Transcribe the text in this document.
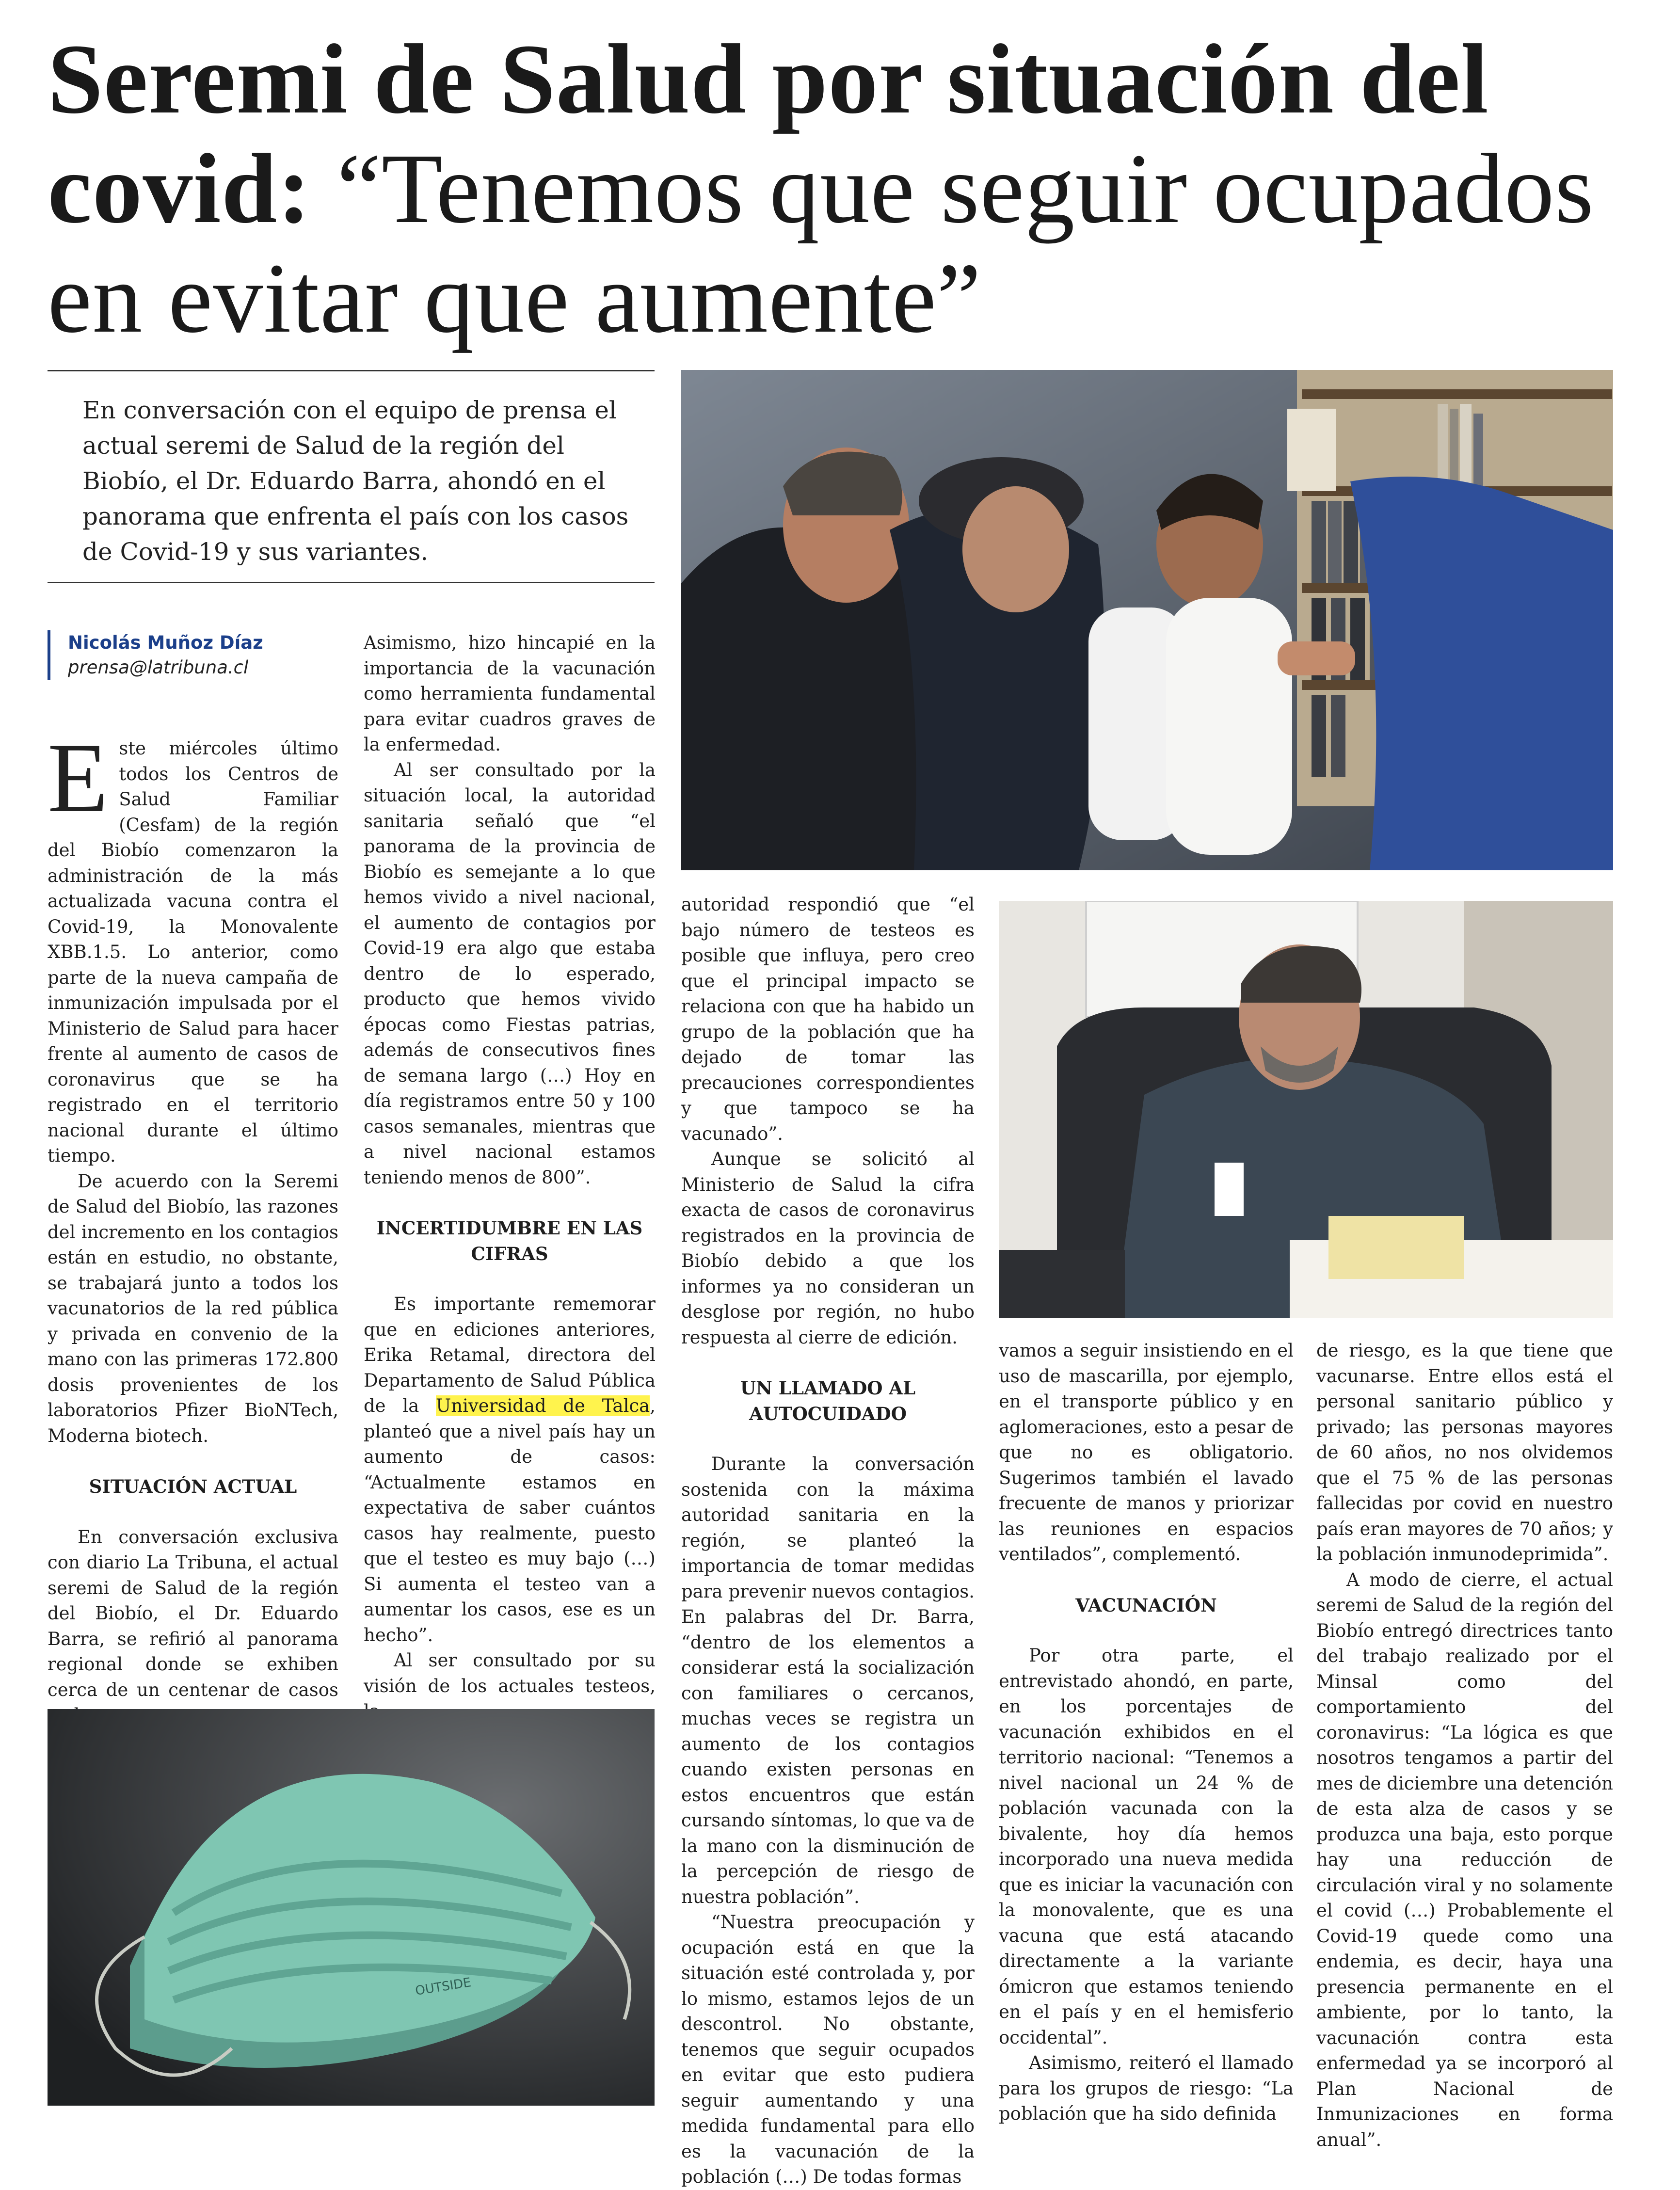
Seremi de Salud por situación del covid: “Tenemos que seguir ocupados en evitar que aumente”

En conversación con el equipo de prensa el actual seremi de Salud de la región del Biobío, el Dr. Eduardo Barra, ahondó en el panorama que enfrenta el país con los casos de Covid-19 y sus variantes.

Nicolás Muñoz Díaz
prensa@latribuna.cl

Este miércoles último todos los Centros de Salud Familiar (Cesfam) de la región del Biobío comenzaron la administración de la más actualizada vacuna contra el Covid-19, la Monovalente XBB.1.5. Lo anterior, como parte de la nueva campaña de inmunización impulsada por el Ministerio de Salud para hacer frente al aumento de casos de coronavirus que se ha registrado en el territorio nacional durante el último tiempo.

De acuerdo con la Seremi de Salud del Biobío, las razones del incremento en los contagios están en estudio, no obstante, se trabajará junto a todos los vacunatorios de la red pública y privada en convenio de la mano con las primeras 172.800 dosis provenientes de los laboratorios Pfizer BioNTech, Moderna biotech.

SITUACIÓN ACTUAL

En conversación exclusiva con diario La Tribuna, el actual seremi de Salud de la región del Biobío, el Dr. Eduardo Barra, se refirió al panorama regional donde se exhiben cerca de un centenar de casos

Asimismo, hizo hincapié en la importancia de la vacunación como herramienta fundamental para evitar cuadros graves de la enfermedad.

Al ser consultado por la situación local, la autoridad sanitaria señaló que “el panorama de la provincia de Biobío es semejante a lo que hemos vivido a nivel nacional, el aumento de contagios por Covid-19 era algo que estaba dentro de lo esperado, producto que hemos vivido épocas como Fiestas patrias, además de consecutivos fines de semana largo (…) Hoy en día registramos entre 50 y 100 casos semanales, mientras que a nivel nacional estamos teniendo menos de 800”.

INCERTIDUMBRE EN LAS CIFRAS

Es importante rememorar que en ediciones anteriores, Erika Retamal, directora del Departamento de Salud Pública de la Universidad de Talca, planteó que a nivel país hay un aumento de casos: “Actualmente estamos en expectativa de saber cuántos casos hay realmente, puesto que el testeo es muy bajo (…) Si aumenta el testeo van a aumentar los casos, ese es un hecho”.

Al ser consultado por su visión de los actuales testeos,

autoridad respondió que “el bajo número de testeos es posible que influya, pero creo que el principal impacto se relaciona con que ha habido un grupo de la población que ha dejado de tomar las precauciones correspondientes y que tampoco se ha vacunado”.

Aunque se solicitó al Ministerio de Salud la cifra exacta de casos de coronavirus registrados en la provincia de Biobío debido a que los informes ya no consideran un desglose por región, no hubo respuesta al cierre de edición.

UN LLAMADO AL AUTOCUIDADO

Durante la conversación sostenida con la máxima autoridad sanitaria en la región, se planteó la importancia de tomar medidas para prevenir nuevos contagios. En palabras del Dr. Barra, “dentro de los elementos a considerar está la socialización con familiares o cercanos, muchas veces se registra un aumento de los contagios cuando existen personas en estos encuentros que están cursando síntomas, lo que va de la mano con la disminución de la percepción de riesgo de nuestra población”.

“Nuestra preocupación y ocupación está en que la situación esté controlada y, por lo mismo, estamos lejos de un descontrol. No obstante, tenemos que seguir ocupados en evitar que esto pudiera seguir aumentando y una medida fundamental para ello es la vacunación de la población (…) De todas formas

vamos a seguir insistiendo en el uso de mascarilla, por ejemplo, en el transporte público y en aglomeraciones, esto a pesar de que no es obligatorio. Sugerimos también el lavado frecuente de manos y priorizar las reuniones en espacios ventilados”, complementó.

VACUNACIÓN

Por otra parte, el entrevistado ahondó, en parte, en los porcentajes de vacunación exhibidos en el territorio nacional: “Tenemos a nivel nacional un 24 % de población vacunada con la bivalente, hoy día hemos incorporado una nueva medida que es iniciar la vacunación con la monovalente, que es una vacuna que está atacando directamente a la variante ómicron que estamos teniendo en el país y en el hemisferio occidental”.

Asimismo, reiteró el llamado para los grupos de riesgo: “La población que ha sido definida

de riesgo, es la que tiene que vacunarse. Entre ellos está el personal sanitario público y privado; las personas mayores de 60 años, no nos olvidemos que el 75 % de las personas fallecidas por covid en nuestro país eran mayores de 70 años; y la población inmunodeprimida”.

A modo de cierre, el actual seremi de Salud de la región del Biobío entregó directrices tanto del trabajo realizado por el Minsal como del comportamiento del coronavirus: “La lógica es que nosotros tengamos a partir del mes de diciembre una detención de esta alza de casos y se produzca una baja, esto porque hay una reducción de circulación viral y no solamente el covid (…) Probablemente el Covid-19 quede como una endemia, es decir, haya una presencia permanente en el ambiente, por lo tanto, la vacunación contra esta enfermedad ya se incorporó al Plan Nacional de Inmunizaciones en forma anual”.

OUTSIDE
